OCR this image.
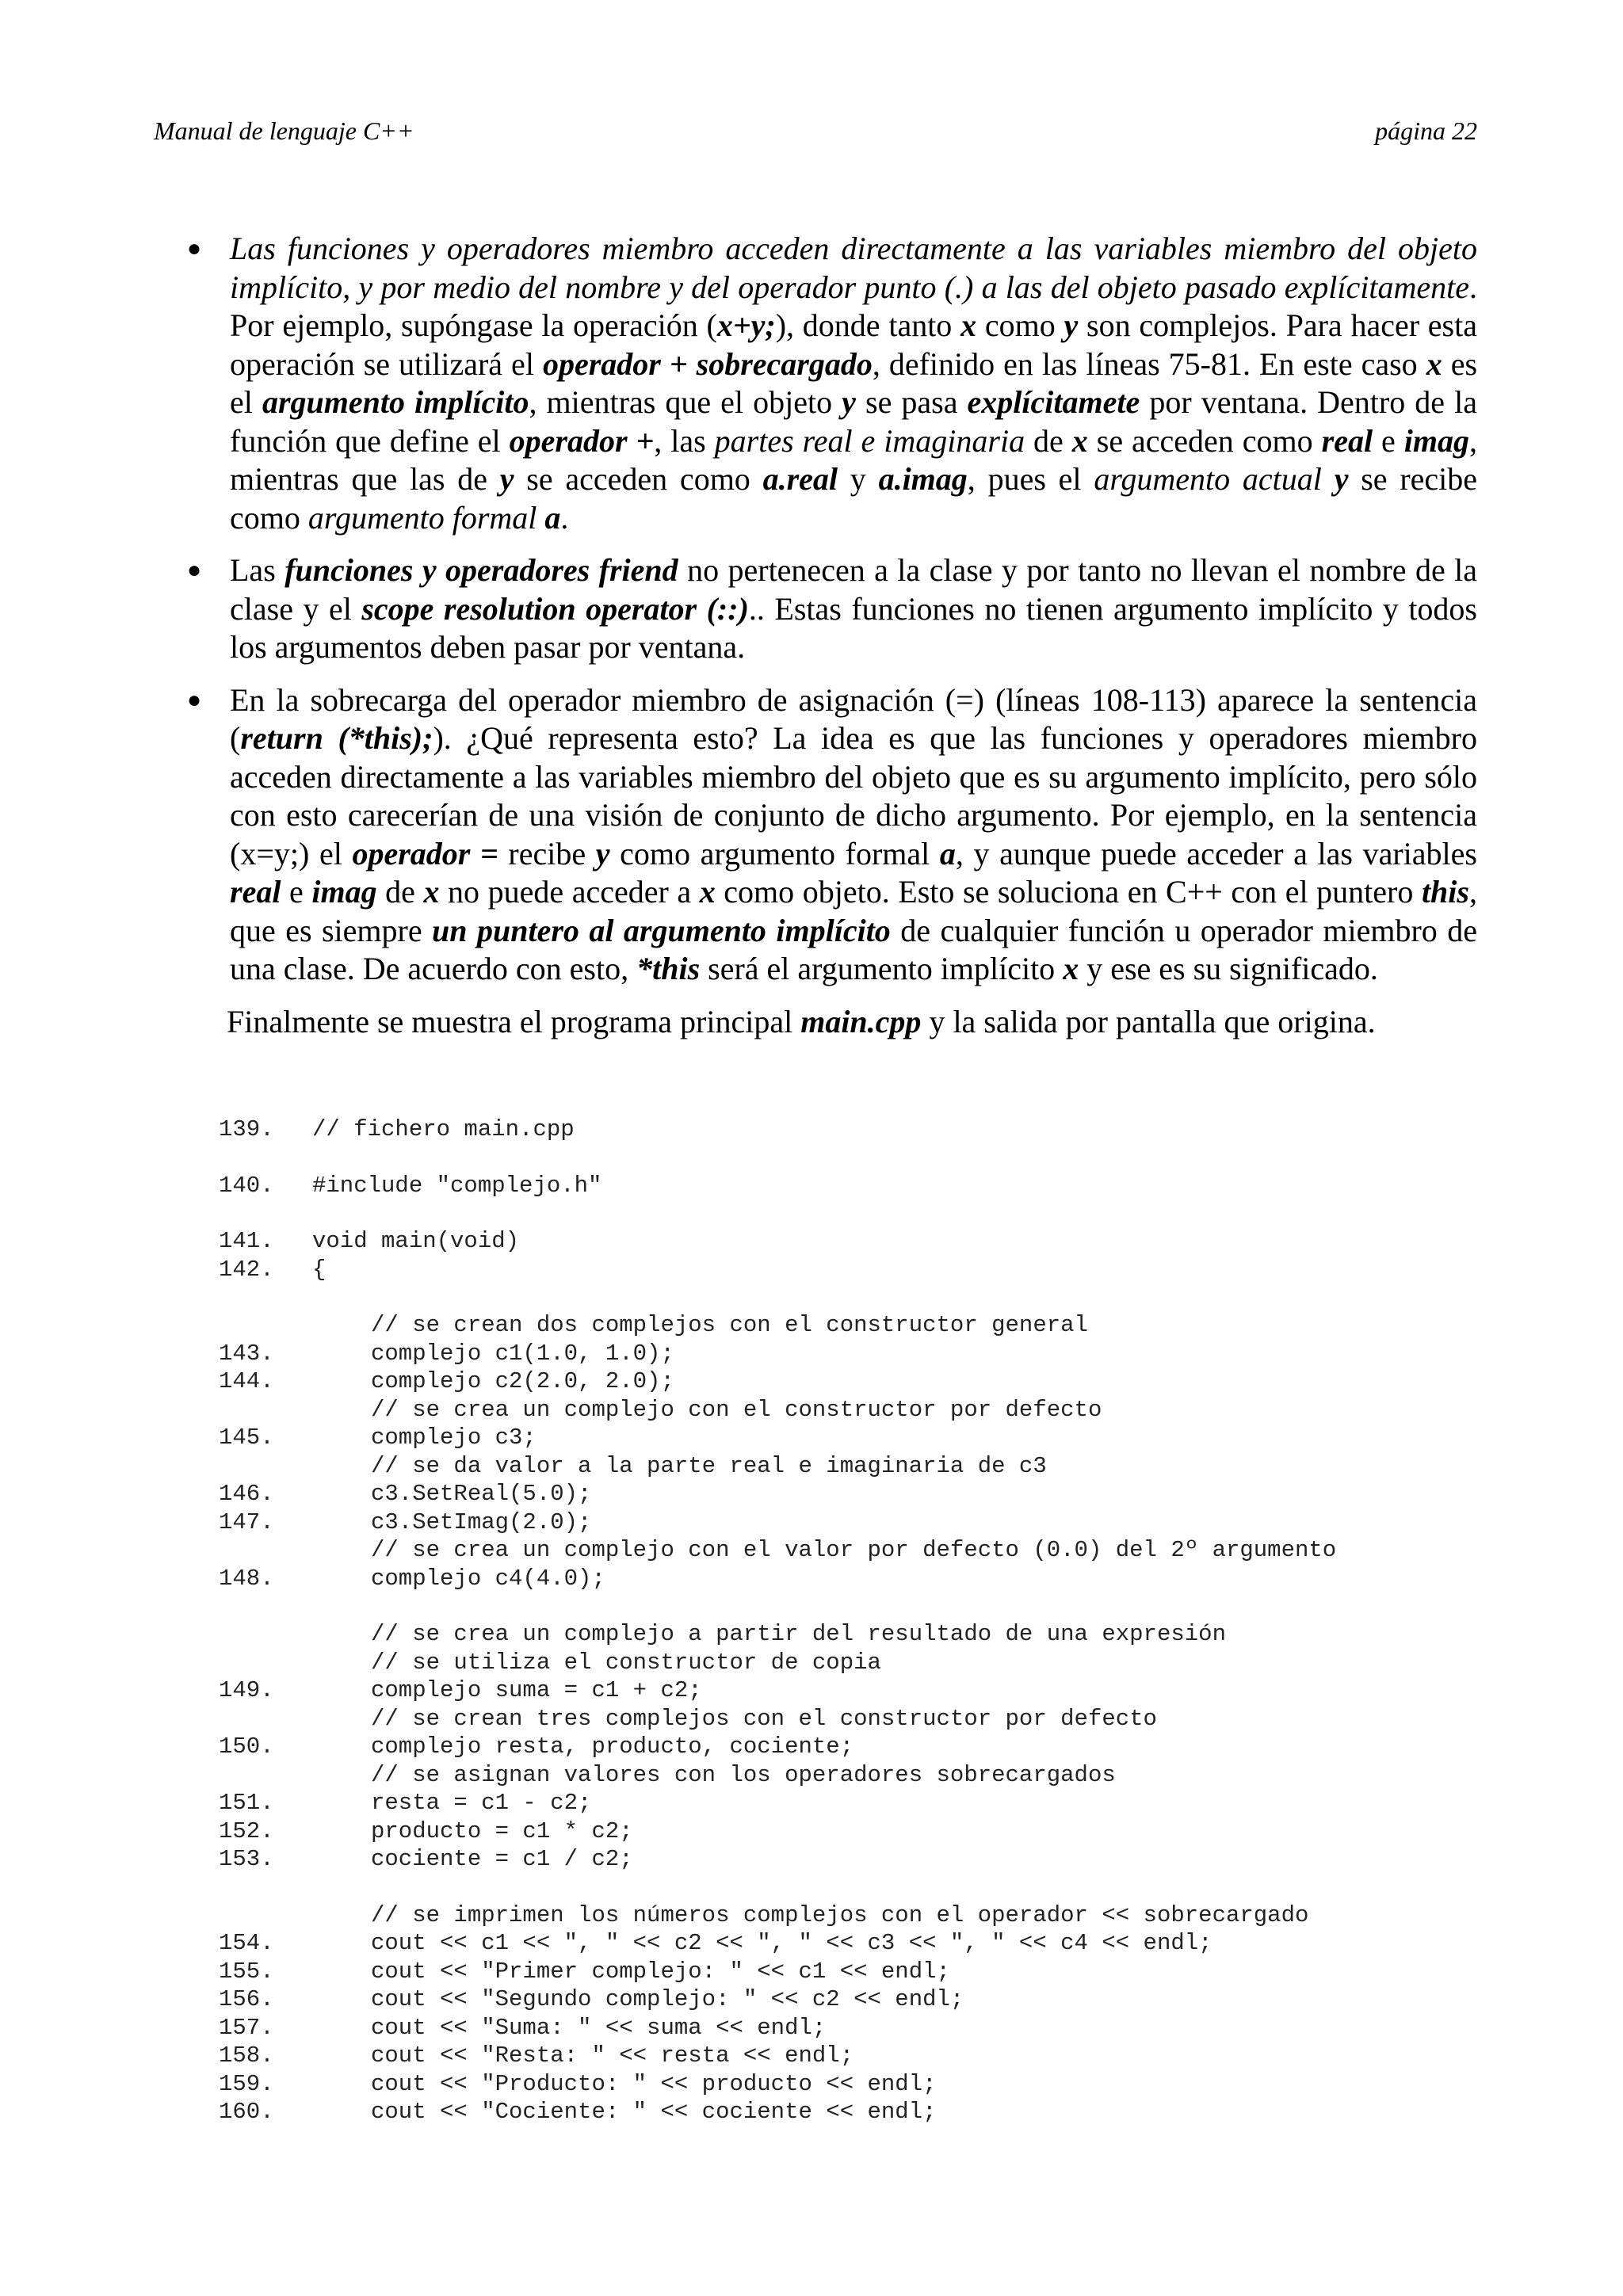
Manual de lenguaje C++	página 22
● Las funciones y operadores miembro acceden directamente a las variables miembro del objeto implícito, y por medio del nombre y del operador punto (.) a las del objeto pasado explícitamente. Por ejemplo, supóngase la operación (x+y;), donde tanto x como y son complejos. Para hacer esta operación se utilizará el operador + sobrecargado, definido en las líneas 75-81. En este caso x es el argumento implícito, mientras que el objeto y se pasa explícitamete por ventana. Dentro de la función que define el operador +, las partes real e imaginaria de x se acceden como real e imag, mientras que las de y se acceden como a.real y a.imag, pues el argumento actual y se recibe como argumento formal a.
● Las funciones y operadores friend no pertenecen a la clase y por tanto no llevan el nombre de la clase y el scope resolution operator (::).. Estas funciones no tienen argumento implícito y todos los argumentos deben pasar por ventana.
● En la sobrecarga del operador miembro de asignación (=) (líneas 108-113) aparece la sentencia (return (*this);). ¿Qué representa esto? La idea es que las funciones y operadores miembro acceden directamente a las variables miembro del objeto que es su argumento implícito, pero sólo con esto carecerían de una visión de conjunto de dicho argumento. Por ejemplo, en la sentencia (x=y;) el operador = recibe y como argumento formal a, y aunque puede acceder a las variables real e imag de x no puede acceder a x como objeto. Esto se soluciona en C++ con el puntero this, que es siempre un puntero al argumento implícito de cualquier función u operador miembro de una clase. De acuerdo con esto, *this será el argumento implícito x y ese es su significado.

Finalmente se muestra el programa principal main.cpp y la salida por pantalla que origina.

139. // fichero main.cpp
140. #include "complejo.h"
141. void main(void)
142. {
// se crean dos complejos con el constructor general
143.	complejo c1(1.0, 1.0);
144.	complejo c2(2.0, 2.0);
// se crea un complejo con el constructor por defecto
145.	complejo c3;
// se da valor a la parte real e imaginaria de c3
146.	c3.SetReal(5.0);
147.	c3.SetImag(2.0);
// se crea un complejo con el valor por defecto (0.0) del 2º argumento
148.	complejo c4(4.0);
// se crea un complejo a partir del resultado de una expresión
// se utiliza el constructor de copia
149.	complejo suma = c1 + c2;
// se crean tres complejos con el constructor por defecto
150.	complejo resta, producto, cociente;
// se asignan valores con los operadores sobrecargados
151.	resta = c1 - c2;
152.	producto = c1 * c2;
153.	cociente = c1 / c2;
// se imprimen los números complejos con el operador << sobrecargado
154.	cout << c1 << ", " << c2 << ", " << c3 << ", " << c4 << endl;
155.	cout << "Primer complejo: " << c1 << endl;
156.	cout << "Segundo complejo: " << c2 << endl;
157.	cout << "Suma: " << suma << endl;
158.	cout << "Resta: " << resta << endl;
159.	cout << "Producto: " << producto << endl;
160.	cout << "Cociente: " << cociente << endl;
